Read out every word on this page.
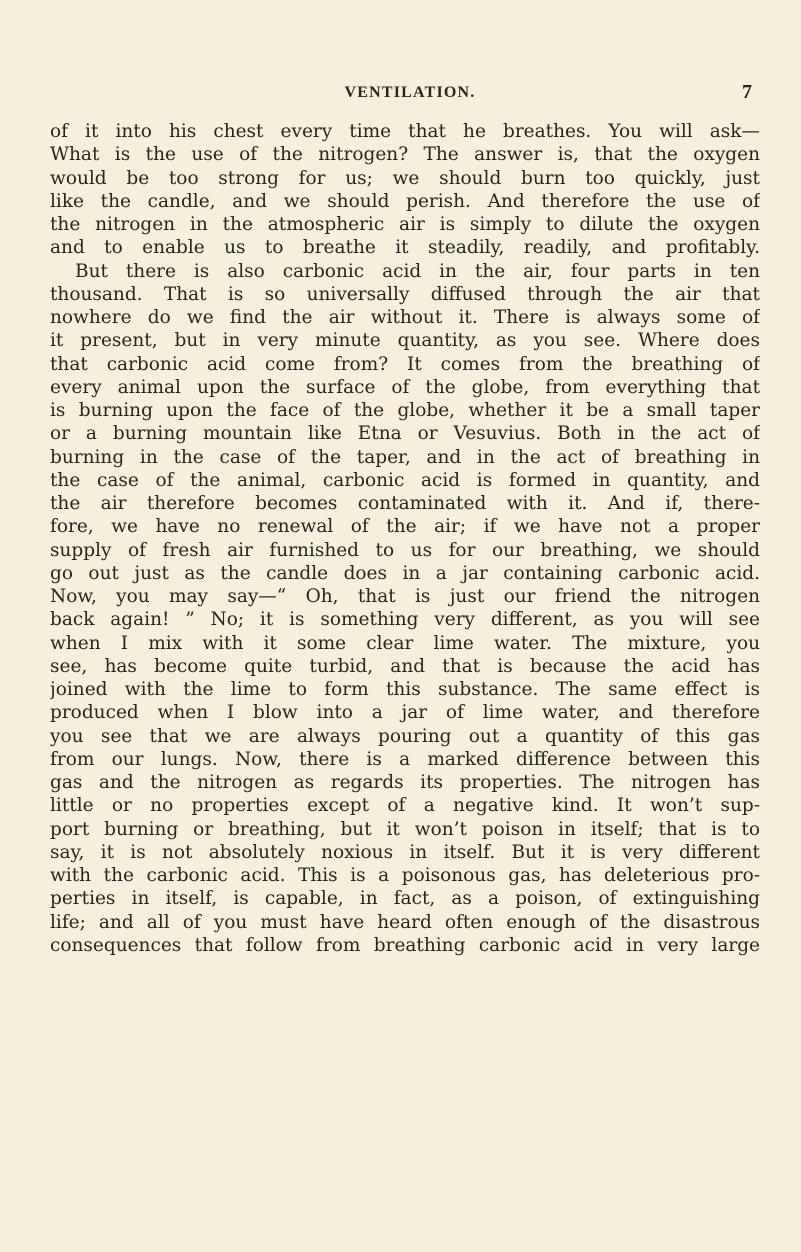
VENTILATION.	7
of it into his chest every time that he breathes. You will ask—
What is the use of the nitrogen? The answer is, that the oxygen
would be too strong for us; we should burn too quickly, just
like the candle, and we should perish. And therefore the use of
the nitrogen in the atmospheric air is simply to dilute the oxygen
and to enable us to breathe it steadily, readily, and profitably.
But there is also carbonic acid in the air, four parts in ten
thousand. That is so universally diffused through the air that
nowhere do we find the air without it. There is always some of
it present, but in very minute quantity, as you see. Where does
that carbonic acid come from? It comes from the breathing of
every animal upon the surface of the globe, from everything that
is burning upon the face of the globe, whether it be a small taper
or a burning mountain like Etna or Vesuvius. Both in the act of
burning in the case of the taper, and in the act of breathing in
the case of the animal, carbonic acid is formed in quantity, and
the air therefore becomes contaminated with it. And if, there-
fore, we have no renewal of the air; if we have not a proper
supply of fresh air furnished to us for our breathing, we should
go out just as the candle does in a jar containing carbonic acid.
Now, you may say—“ Oh, that is just our friend the nitrogen
back again! ” No; it is something very different, as you will see
when I mix with it some clear lime water. The mixture, you
see, has become quite turbid, and that is because the acid has
joined with the lime to form this substance. The same effect is
produced when I blow into a jar of lime water, and therefore
you see that we are always pouring out a quantity of this gas
from our lungs. Now, there is a marked difference between this
gas and the nitrogen as regards its properties. The nitrogen has
little or no properties except of a negative kind. It won’t sup-
port burning or breathing, but it won’t poison in itself; that is to
say, it is not absolutely noxious in itself. But it is very different
with the carbonic acid. This is a poisonous gas, has deleterious pro-
perties in itself, is capable, in fact, as a poison, of extinguishing
life; and all of you must have heard often enough of the disastrous
consequences that follow from breathing carbonic acid in very large
